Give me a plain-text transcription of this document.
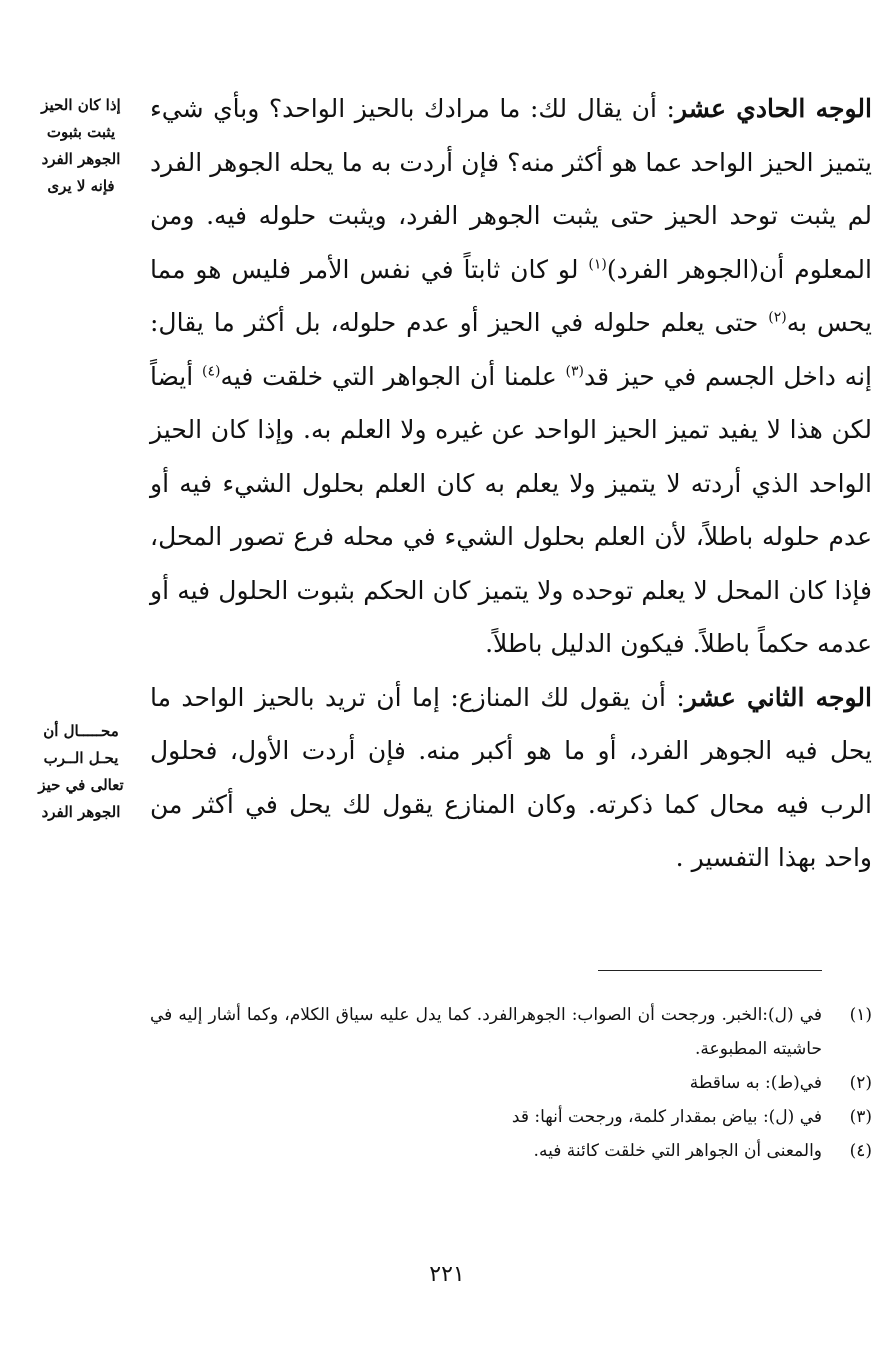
إذا كان الحيز
يثبت بثبوت
الجوهر الفرد
فإنه لا يرى
محـــــال أن
يحـل الــرب
تعالى في حيز
الجوهر الفرد

الوجه الحادي عشر: أن يقال لك: ما مرادك بالحيز الواحد؟ وبأي شيء يتميز الحيز الواحد عما هو أكثر منه؟ فإن أردت به ما يحله الجوهر الفرد لم يثبت توحد الحيز حتى يثبت الجوهر الفرد، ويثبت حلوله فيه. ومن المعلوم أن(الجوهر الفرد)$^{(١)}$ لو كان ثابتاً في نفس الأمر فليس هو مما يحس به$^{(٢)}$ حتى يعلم حلوله في الحيز أو عدم حلوله، بل أكثر ما يقال: إنه داخل الجسم في حيز قد$^{(٣)}$ علمنا أن الجواهر التي خلقت فيه$^{(٤)}$ أيضاً لكن هذا لا يفيد تميز الحيز الواحد عن غيره ولا العلم به. وإذا كان الحيز الواحد الذي أردته لا يتميز ولا يعلم به كان العلم بحلول الشيء فيه أو عدم حلوله باطلاً، لأن العلم بحلول الشيء في محله فرع تصور المحل، فإذا كان المحل لا يعلم توحده ولا يتميز كان الحكم بثبوت الحلول فيه أو عدمه حكماً باطلاً. فيكون الدليل باطلاً.

الوجه الثاني عشر: أن يقول لك المنازع: إما أن تريد بالحيز الواحد ما يحل فيه الجوهر الفرد، أو ما هو أكبر منه. فإن أردت الأول، فحلول الرب فيه محال كما ذكرته. وكان المنازع يقول لك يحل في أكثر من واحد بهذا التفسير .

(١)
في (ل):الخبر. ورجحت أن الصواب: الجوهرالفرد. كما يدل عليه سياق الكلام، وكما أشار إليه في حاشيته المطبوعة.
(٢)
في(ط): به ساقطة
(٣)
في (ل): بياض بمقدار كلمة، ورجحت أنها: قد
(٤)
والمعنى أن الجواهر التي خلقت كائنة فيه.
٢٢١
